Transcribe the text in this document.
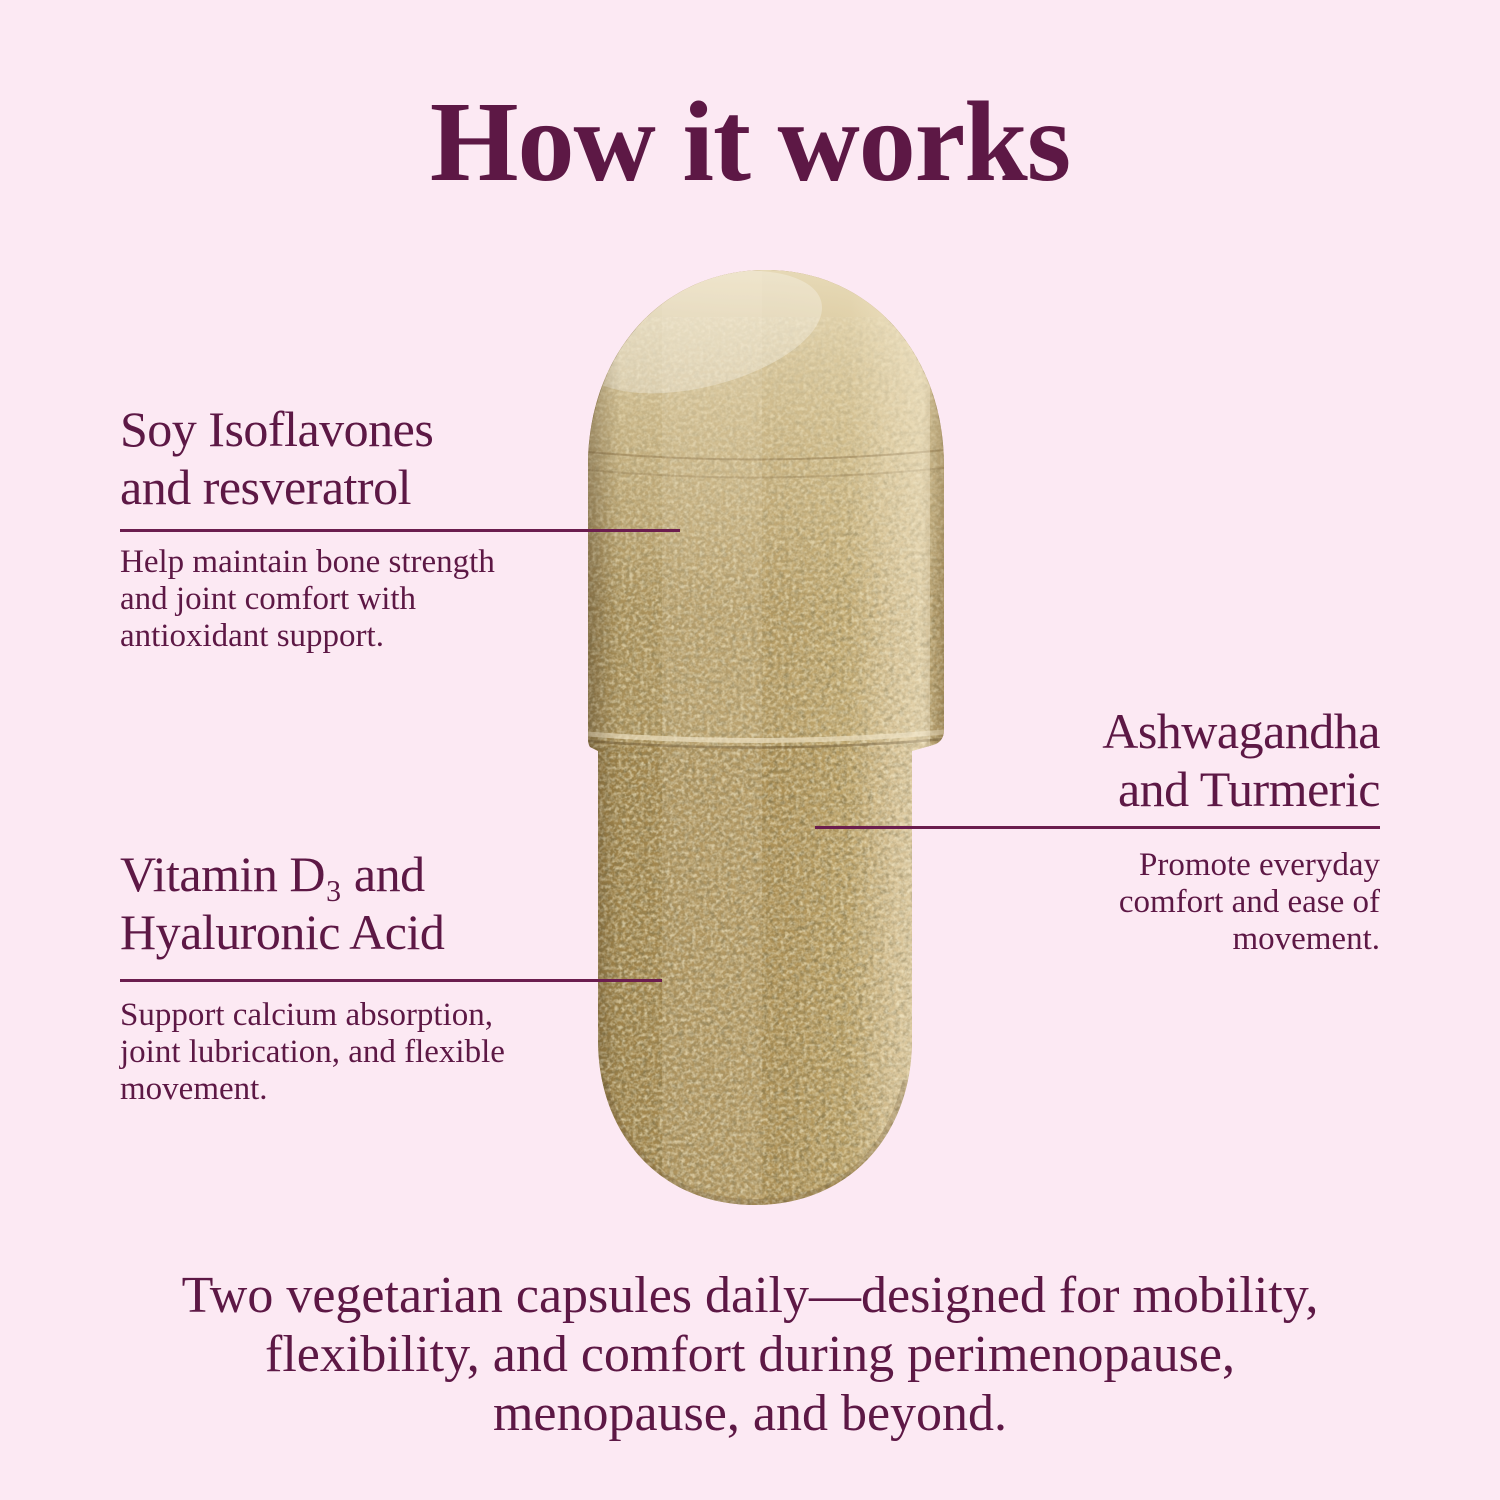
How it works
Soy Isoflavones
and resveratrol
Help maintain bone strength
and joint comfort with
antioxidant support.
Ashwagandha
and Turmeric
Promote everyday
comfort and ease of
movement.
Vitamin D₃ and
Hyaluronic Acid
Support calcium absorption,
joint lubrication, and flexible
movement.
Two vegetarian capsules daily—designed for mobility,
flexibility, and comfort during perimenopause,
menopause, and beyond.
